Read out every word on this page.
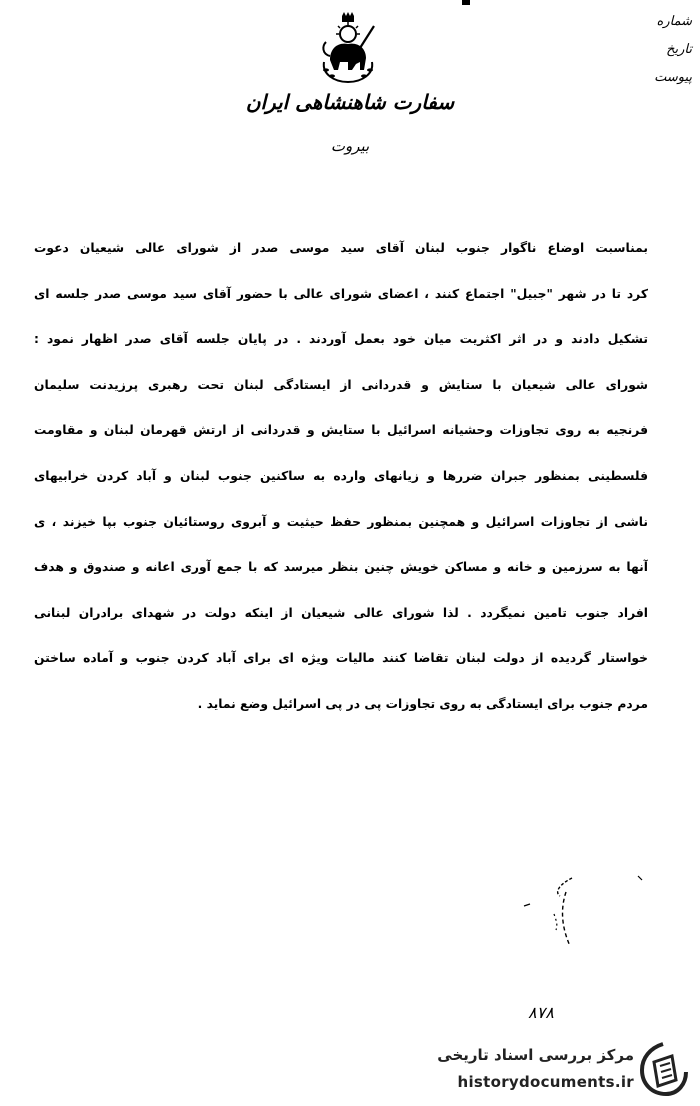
شماره
تاریخ
پیوست
سفارت شاهنشاهی ایران
بیروت
بمناسبت اوضاع ناگوار جنوب لبنان آقای سید موسی صدر از شورای عالی شیعیان دعوت
کرد تا در شهر "جبیل" اجتماع کنند ، اعضای شورای عالی با حضور آقای سید موسی صدر جلسه ای
تشکیل دادند و در اثر اکثریت میان خود بعمل آوردند . در پایان جلسه آقای صدر اظهار نمود :
شورای عالی شیعیان با ستایش و قدردانی از ایستادگی لبنان تحت رهبری پرزیدنت سلیمان
فرنجیه به روی تجاوزات وحشیانه اسرائیل با ستایش و قدردانی از ارتش قهرمان لبنان و مقاومت
فلسطینی بمنظور جبران ضررها و زیانهای وارده به ساکنین جنوب لبنان و آباد کردن خرابیهای
ناشی از تجاوزات اسرائیل و همچنین بمنظور حفظ حیثیت و آبروی روستائیان جنوب بپا خیزند ، ی
آنها به سرزمین و خانه و مساکن خویش چنین بنظر میرسد که با جمع آوری اعانه و صندوق و هدف
افراد جنوب تامین نمیگردد . لذا شورای عالی شیعیان از اینکه دولت در شهدای برادران لبنانی
خواستار گردیده از دولت لبنان تقاضا کنند مالیات ویژه ای برای آباد کردن جنوب و آماده ساختن
مردم جنوب برای ایستادگی به روی تجاوزات پی در پی اسرائیل وضع نماید .
۸۷۸
مرکز بررسی اسناد تاریخی
historydocuments.ir
